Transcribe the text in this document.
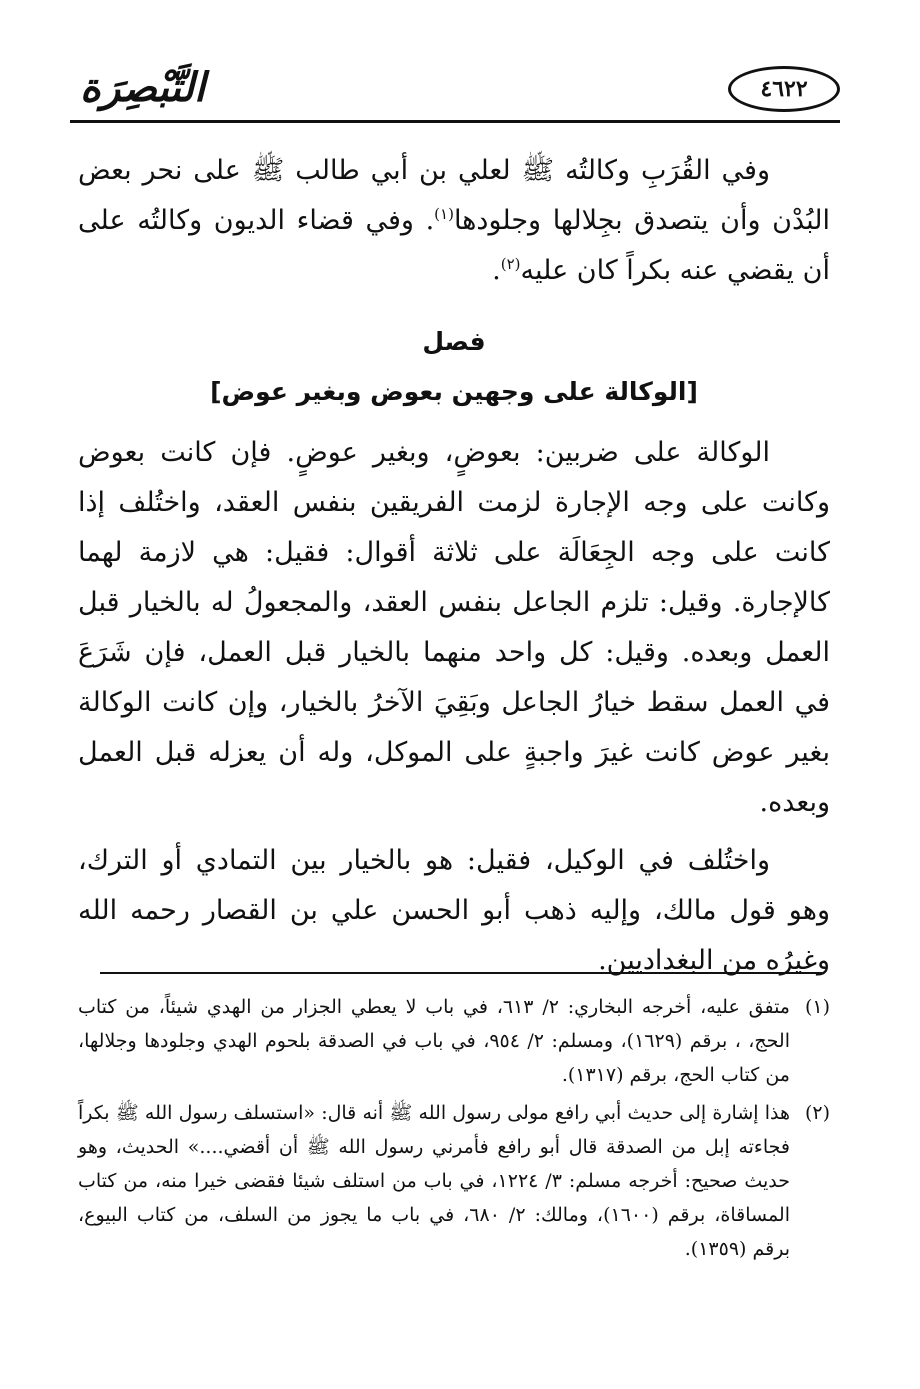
٤٦٢٢
التَّبْصِرَة

وفي القُرَبِ وكالتُه ﷺ لعلي بن أبي طالب ﷺ على نحر بعض البُدْن وأن يتصدق بجِلالها وجلودها$^{(١)}$. وفي قضاء الديون وكالتُه على أن يقضي عنه بكراً كان عليه$^{(٢)}$.

فصل

[الوكالة على وجهين بعوض وبغير عوض]

الوكالة على ضربين: بعوضٍ، وبغير عوضٍ. فإن كانت بعوض وكانت على وجه الإجارة لزمت الفريقين بنفس العقد، واختُلف إذا كانت على وجه الجِعَالَة على ثلاثة أقوال: فقيل: هي لازمة لهما كالإجارة. وقيل: تلزم الجاعل بنفس العقد، والمجعولُ له بالخيار قبل العمل وبعده. وقيل: كل واحد منهما بالخيار قبل العمل، فإن شَرَعَ في العمل سقط خيارُ الجاعل وبَقِيَ الآخرُ بالخيار، وإن كانت الوكالة بغير عوض كانت غيرَ واجبةٍ على الموكل، وله أن يعزله قبل العمل وبعده.

واختُلف في الوكيل، فقيل: هو بالخيار بين التمادي أو الترك، وهو قول مالك، وإليه ذهب أبو الحسن علي بن القصار رحمه الله وغيرُه من البغداديين.

(١)
متفق عليه، أخرجه البخاري: ٢/ ٦١٣، في باب لا يعطي الجزار من الهدي شيئاً، من كتاب الحج، ، برقم (١٦٢٩)، ومسلم: ٢/ ٩٥٤، في باب في الصدقة بلحوم الهدي وجلودها وجلالها، من كتاب الحج، برقم (١٣١٧).

(٢)
هذا إشارة إلى حديث أبي رافع مولى رسول الله ﷺ أنه قال: «استسلف رسول الله ﷺ بكراً فجاءته إبل من الصدقة قال أبو رافع فأمرني رسول الله ﷺ أن أقضي....» الحديث، وهو حديث صحيح: أخرجه مسلم: ٣/ ١٢٢٤، في باب من استلف شيئا فقضى خيرا منه، من كتاب المساقاة، برقم (١٦٠٠)، ومالك: ٢/ ٦٨٠، في باب ما يجوز من السلف، من كتاب البيوع، برقم (١٣٥٩).
